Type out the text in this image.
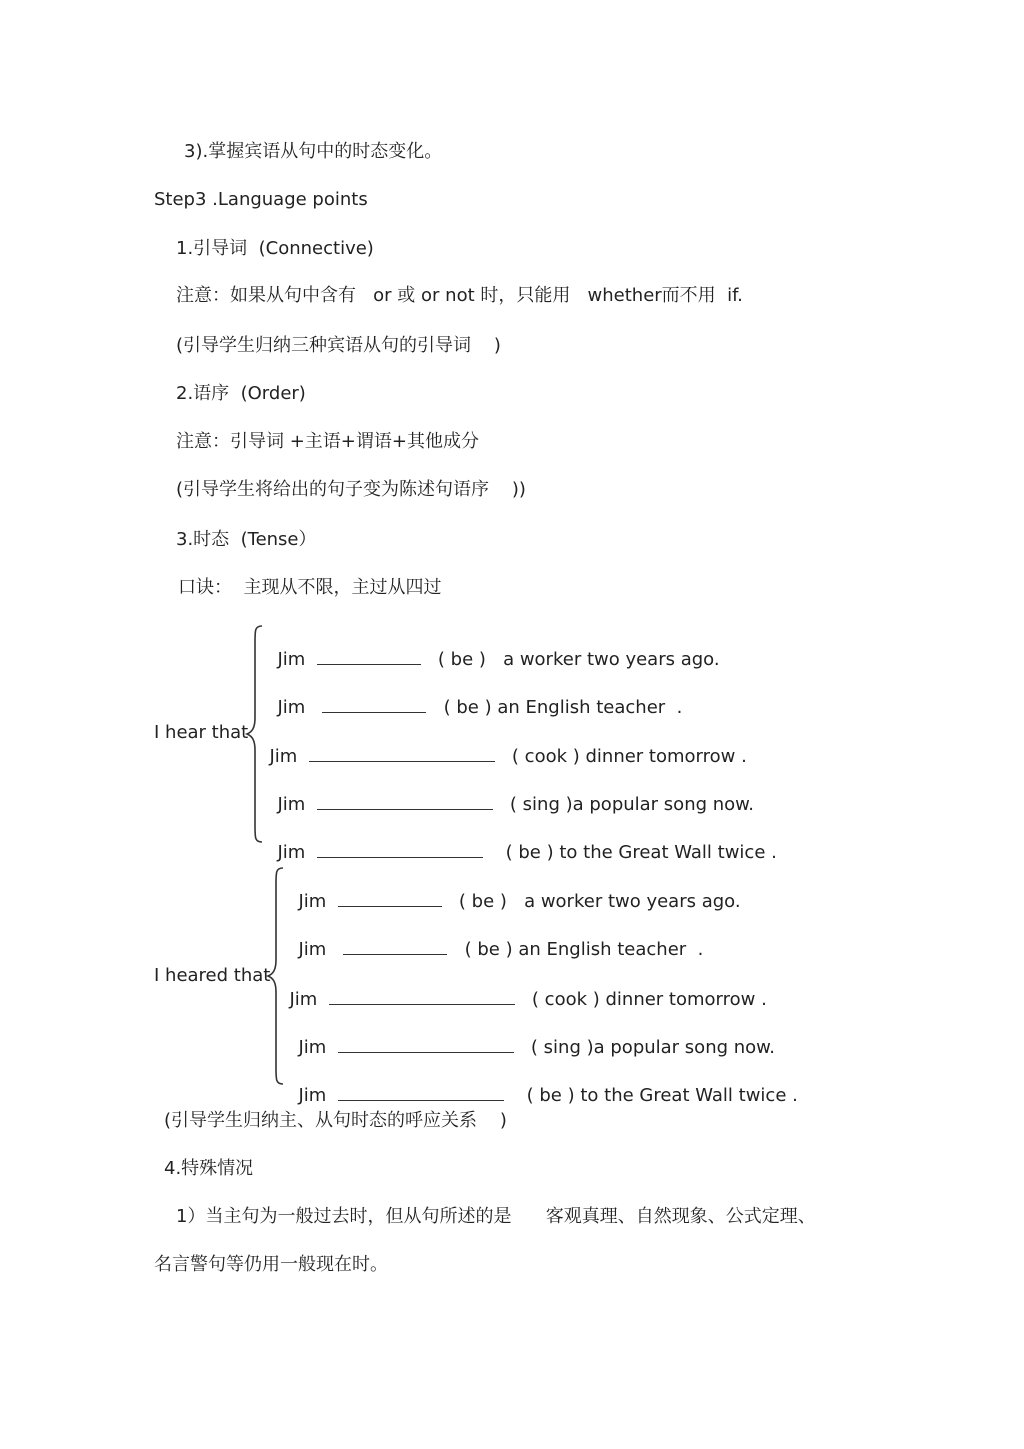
3).掌握宾语从句中的时态变化。
Step3 .Language points
1.引导词  (Connective)
注意：如果从句中含有   or 或 or not 时，只能用   whether而不用  if.
(引导学生归纳三种宾语从句的引导词    )
2.语序  (Order)
注意：引导词 +主语+谓语+其他成分
(引导学生将给出的句子变为陈述句语序    ))
3.时态  (Tense）
口诀：  主现从不限，主过从四过
I hear that

Jim	( be )   a worker two years ago.

Jim	( be ) an English teacher  .

Jim	( cook ) dinner tomorrow .

Jim	( sing )a popular song now.

Jim	( be ) to the Great Wall twice .

I heared that

Jim	( be )   a worker two years ago.

Jim	( be ) an English teacher  .

Jim	( cook ) dinner tomorrow .

Jim	( sing )a popular song now.

Jim	( be ) to the Great Wall twice .

(引导学生归纳主、从句时态的呼应关系    )
4.特殊情况
1）当主句为一般过去时，但从句所述的是      客观真理、自然现象、公式定理、
名言警句等仍用一般现在时。
